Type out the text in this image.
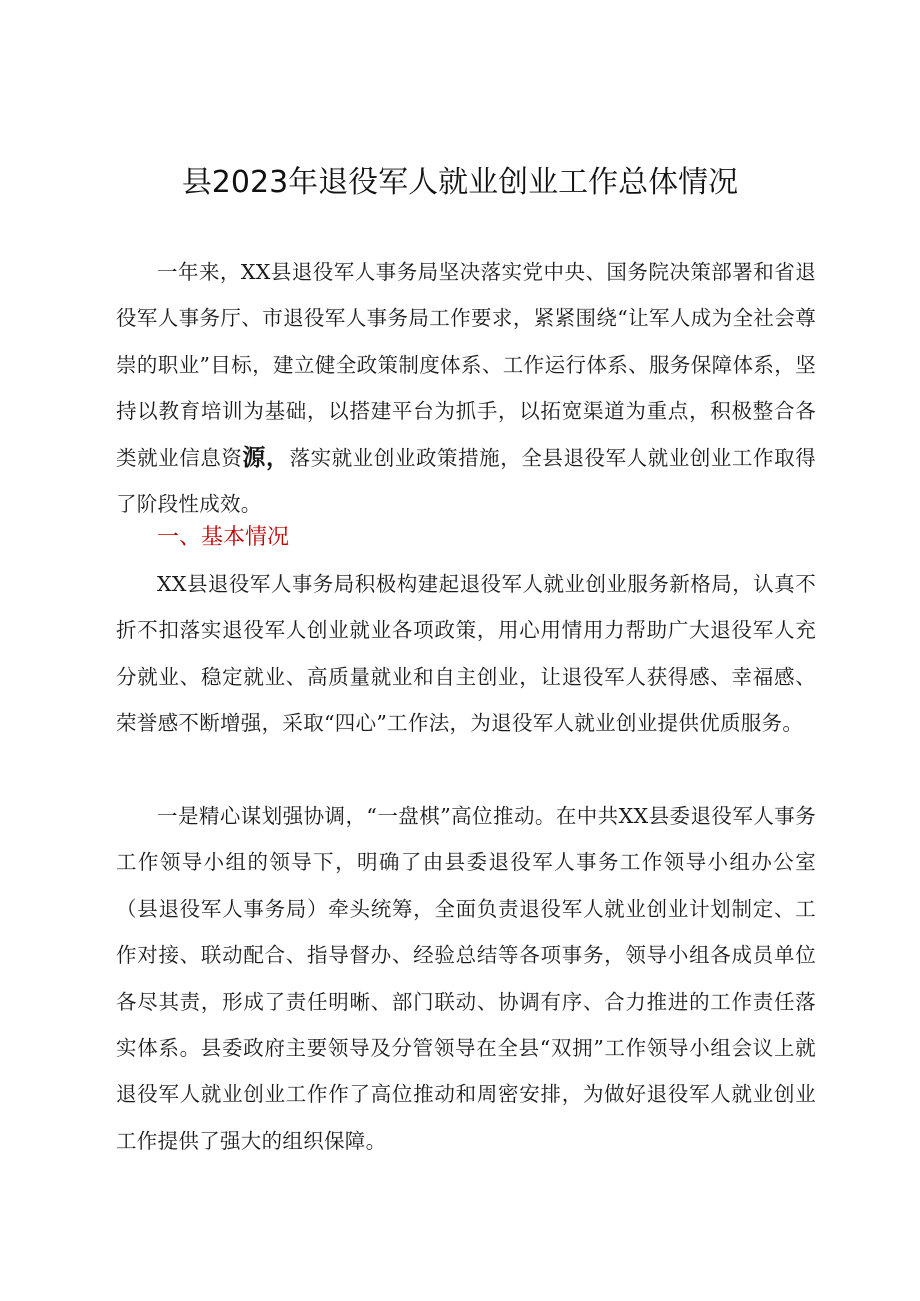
县2023年退役军人就业创业工作总体情况

一年来，XX县退役军人事务局坚决落实党中央、国务院决策部署和省退役军人事务厅、市退役军人事务局工作要求，紧紧围绕“让军人成为全社会尊崇的职业”目标，建立健全政策制度体系、工作运行体系、服务保障体系，坚持以教育培训为基础，以搭建平台为抓手，以拓宽渠道为重点，积极整合各类就业信息资源，落实就业创业政策措施，全县退役军人就业创业工作取得了阶段性成效。

一、基本情况

XX县退役军人事务局积极构建起退役军人就业创业服务新格局，认真不折不扣落实退役军人创业就业各项政策，用心用情用力帮助广大退役军人充分就业、稳定就业、高质量就业和自主创业，让退役军人获得感、幸福感、荣誉感不断增强，采取“四心”工作法，为退役军人就业创业提供优质服务。

一是精心谋划强协调，“一盘棋”高位推动。在中共XX县委退役军人事务工作领导小组的领导下，明确了由县委退役军人事务工作领导小组办公室（县退役军人事务局）牵头统筹，全面负责退役军人就业创业计划制定、工作对接、联动配合、指导督办、经验总结等各项事务，领导小组各成员单位各尽其责，形成了责任明晰、部门联动、协调有序、合力推进的工作责任落实体系。县委政府主要领导及分管领导在全县“双拥”工作领导小组会议上就退役军人就业创业工作作了高位推动和周密安排，为做好退役军人就业创业工作提供了强大的组织保障。
